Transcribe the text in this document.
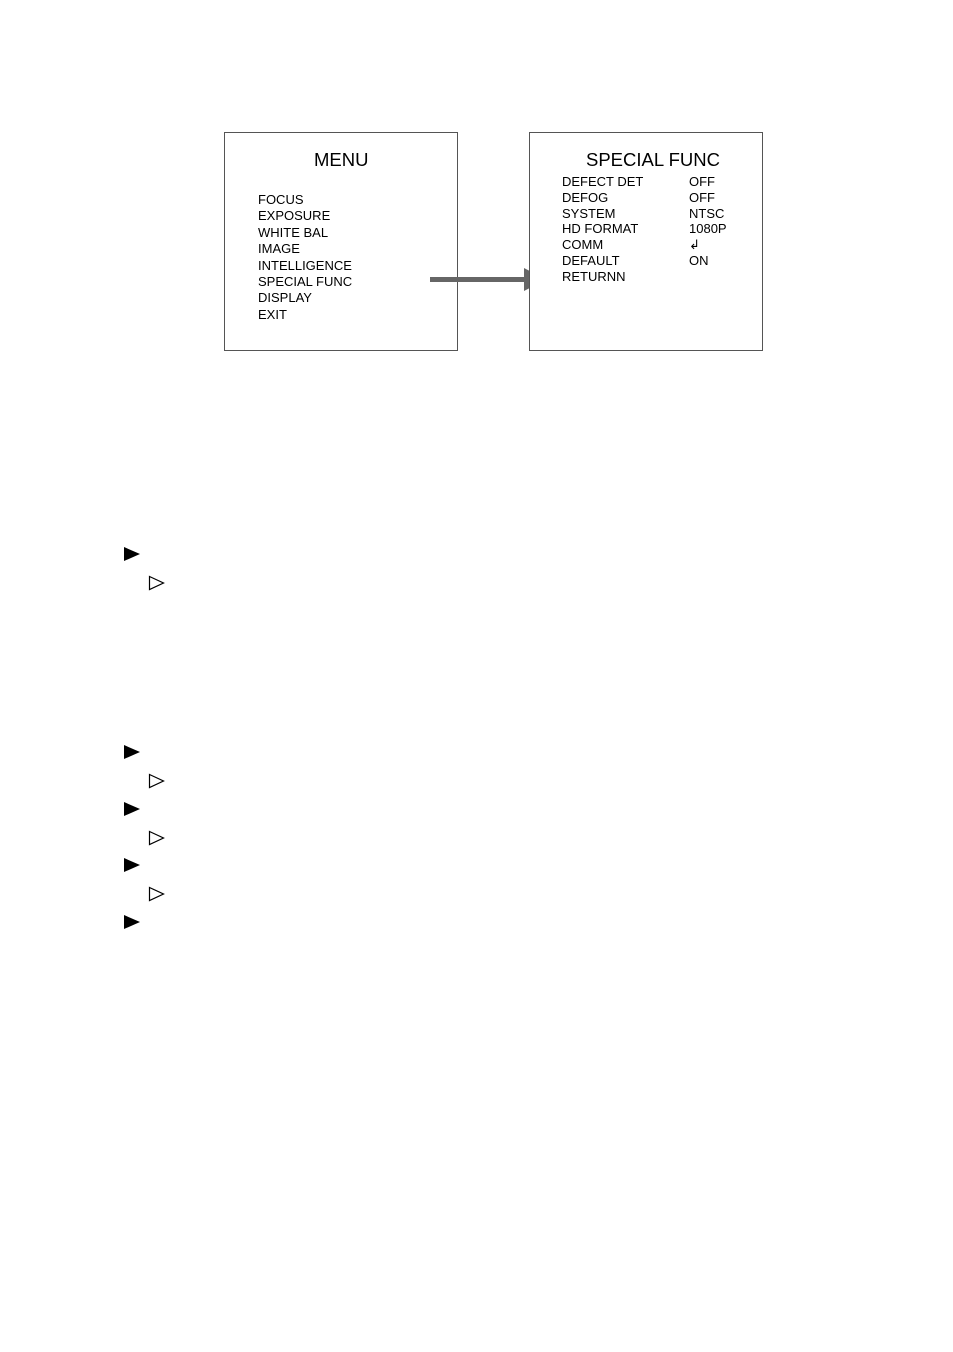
MENU
FOCUS
EXPOSURE
WHITE BAL
IMAGE
INTELLIGENCE
SPECIAL FUNC
DISPLAY
EXIT
SPECIAL FUNC
DEFECT DET	OFF
DEFOG	OFF
SYSTEM	NTSC
HD FORMAT	1080P
COMM	↲
DEFAULT	ON
RETURNN
